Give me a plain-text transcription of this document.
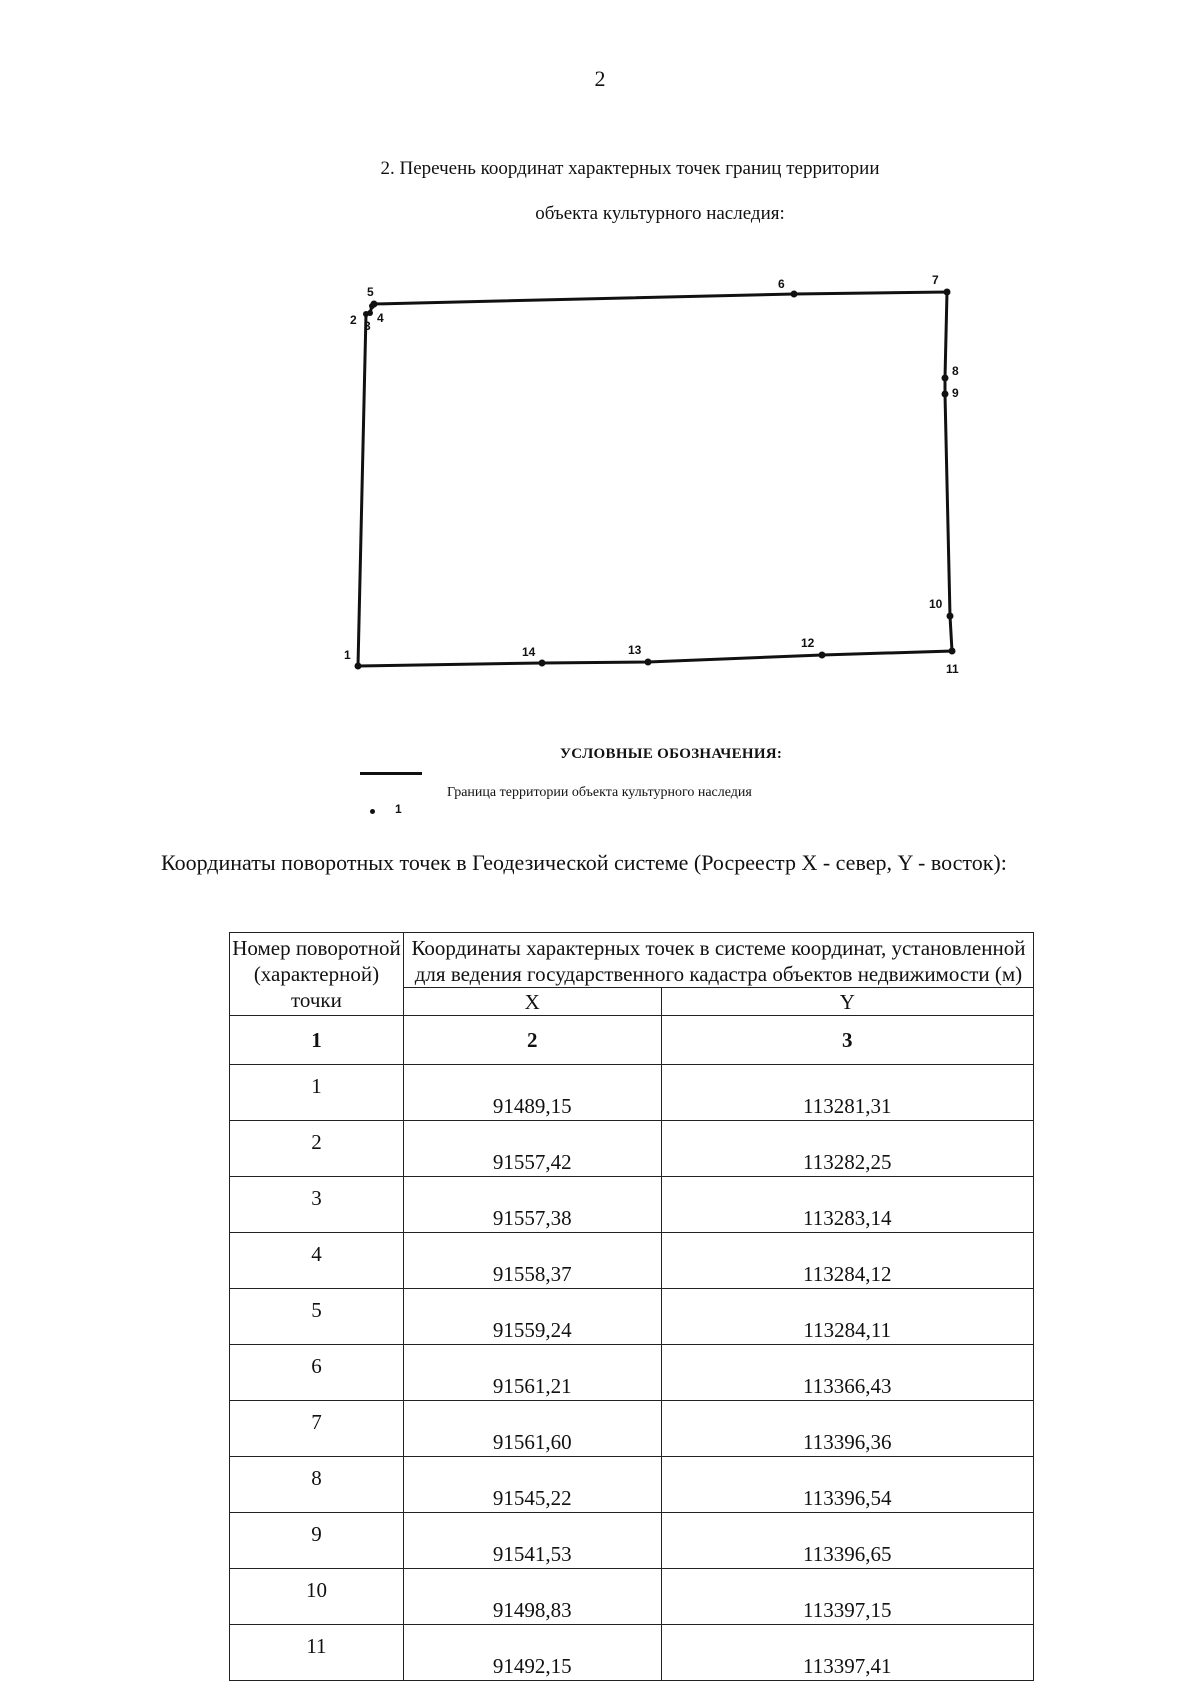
2
2. Перечень координат характерных точек границ территории
объекта культурного наследия:
1
2 3
4
5
6	7
8
9
10
11
12
13
14
УСЛОВНЫЕ ОБОЗНАЧЕНИЯ:
Граница территории объекта культурного наследия
1
Координаты поворотных точек в Геодезической системе (Росреестр X - север, Y - восток):
Номер поворотной (характерной) точки	Координаты характерных точек в системе координат, установленной для ведения государственного кадастра объектов недвижимости (м)	
	X	Y
1	2	3
1	91489,15	113281,31
2	91557,42	113282,25
3	91557,38	113283,14
4	91558,37	113284,12
5	91559,24	113284,11
6	91561,21	113366,43
7	91561,60	113396,36
8	91545,22	113396,54
9	91541,53	113396,65
10	91498,83	113397,15
11	91492,15	113397,41
